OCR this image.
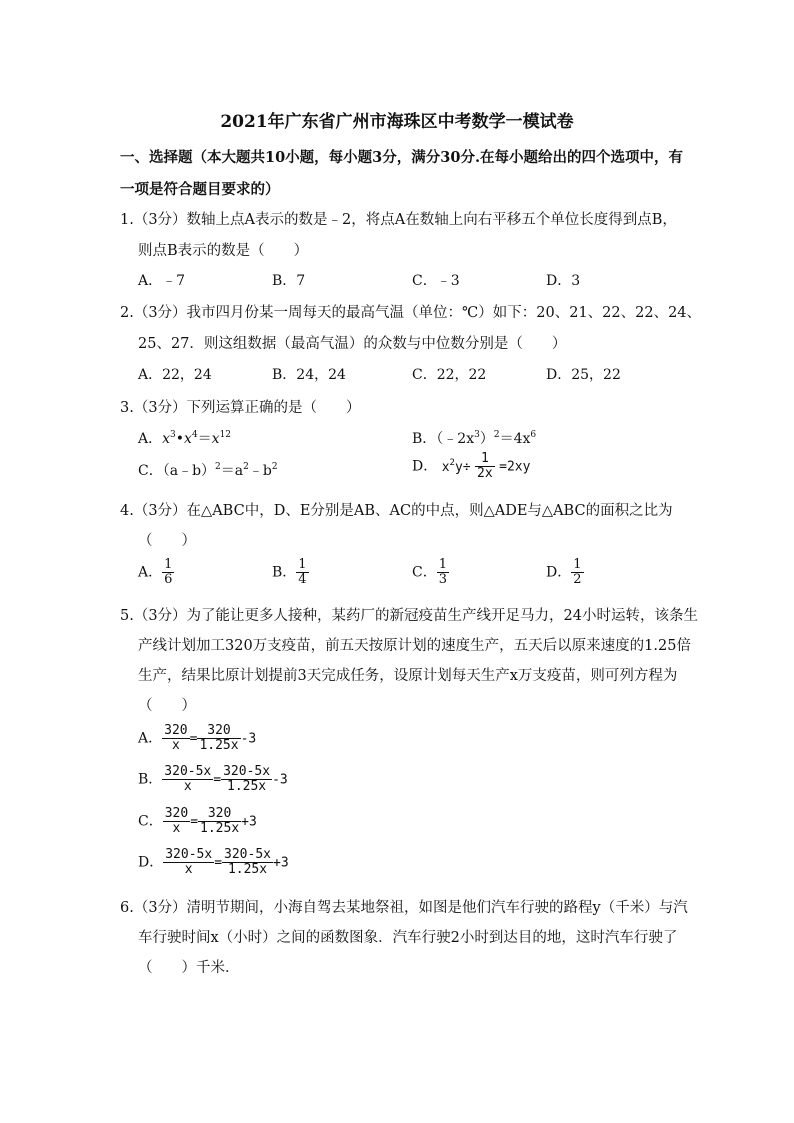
2021年广东省广州市海珠区中考数学一模试卷
一、选择题（本大题共10小题，每小题3分，满分30分.在每小题给出的四个选项中，有
一项是符合题目要求的）
1.（3分）数轴上点A表示的数是﹣2，将点A在数轴上向右平移五个单位长度得到点B，
则点B表示的数是（　　）
A．﹣7	B．7	C．﹣3	D．3
2.（3分）我市四月份某一周每天的最高气温（单位：℃）如下：20、21、22、22、24、
25、27．则这组数据（最高气温）的众数与中位数分别是（　　）
A．22，24	B．24，24	C．22，22	D．25，22
3.（3分）下列运算正确的是（　　）
A．$x^3•x^4=x^{12}$	B．$(﹣2x^3)^2=4x^6$
C．$(a﹣b)^2=a^2﹣b^2$	D． $x^2y\div \frac{1}{2x} =2xy$
4.（3分）在△ABC中，D、E分别是AB、AC的中点，则△ADE与△ABC的面积之比为
（　　）
A． $\frac{1}{6}$	B． $\frac{1}{4}$	C． $\frac{1}{3}$	D． $\frac{1}{2}$
5.（3分）为了能让更多人接种，某药厂的新冠疫苗生产线开足马力，24小时运转，该条生
产线计划加工320万支疫苗，前五天按原计划的速度生产，五天后以原来速度的1.25倍
生产，结果比原计划提前3天完成任务，设原计划每天生产x万支疫苗，则可列方程为
（　　）
A． $\frac{320}{x} = \frac{320}{1.25x} -3$
B． $\frac{320-5x}{x} = \frac{320-5x}{1.25x} -3$
C． $\frac{320}{x} = \frac{320}{1.25x} +3$
D． $\frac{320-5x}{x} = \frac{320-5x}{1.25x} +3$
6.（3分）清明节期间，小海自驾去某地祭祖，如图是他们汽车行驶的路程y（千米）与汽
车行驶时间x（小时）之间的函数图象．汽车行驶2小时到达目的地，这时汽车行驶了
（　　）千米．
